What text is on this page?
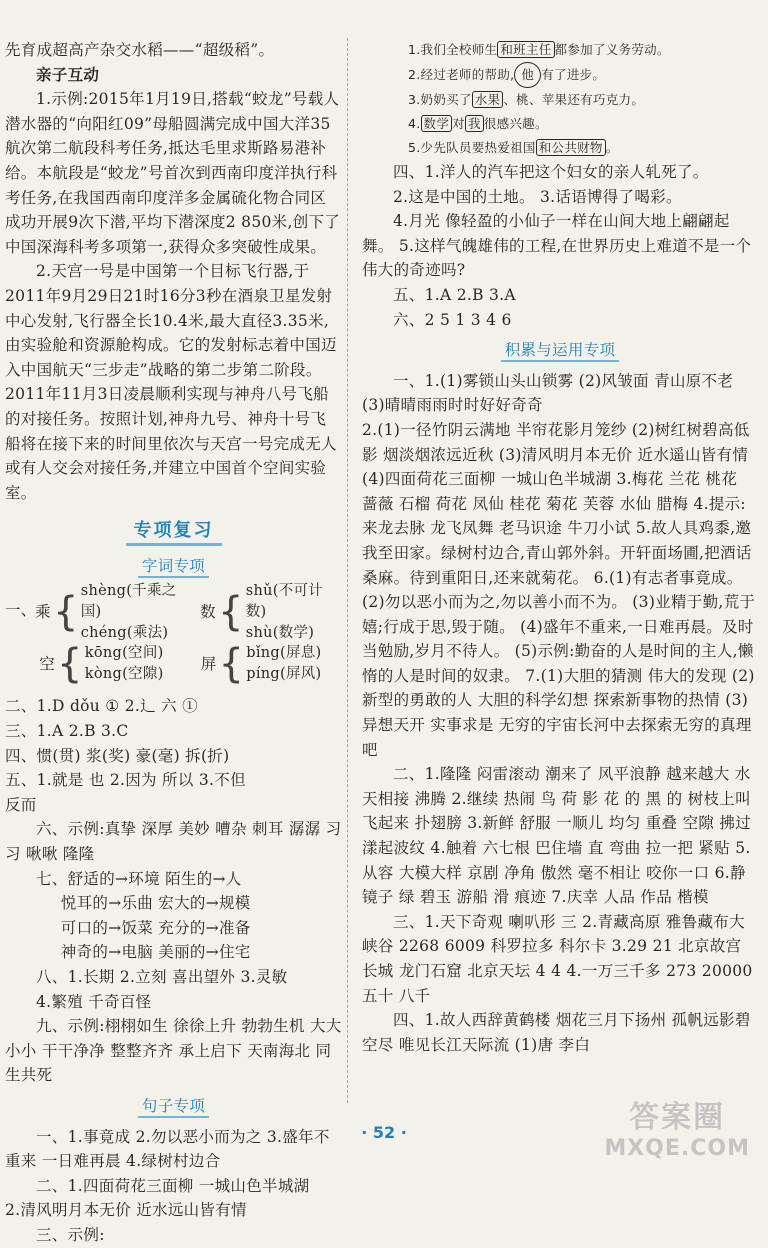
先育成超高产杂交水稻——“超级稻”。

亲子互动

1.示例:2015年1月19日,搭载“蛟龙”号载人潜水器的“向阳红09”母船圆满完成中国大洋35航次第二航段科考任务,抵达毛里求斯路易港补给。本航段是“蛟龙”号首次到西南印度洋执行科考任务,在我国西南印度洋多金属硫化物合同区成功开展9次下潜,平均下潜深度2 850米,创下了中国深海科考多项第一,获得众多突破性成果。

2.天宫一号是中国第一个目标飞行器,于2011年9月29日21时16分3秒在酒泉卫星发射中心发射,飞行器全长10.4米,最大直径3.35米,由实验舱和资源舱构成。它的发射标志着中国迈入中国航天“三步走”战略的第二步第二阶段。2011年11月3日凌晨顺利实现与神舟八号飞船的对接任务。按照计划,神舟九号、神舟十号飞船将在接下来的时间里依次与天宫一号完成无人或有人交会对接任务,并建立中国首个空间实验室。

专项复习
字词专项
一、
乘 { shèng(千乘之国)
chéng(乘法)
数 { shǔ(不可计数)
shù(数学)
空 { kōng(空间)
kòng(空隙)
屏 { bǐng(屏息)
píng(屏风)

二、1.D dǒu ① 2.辶 六 ①

三、1.A 2.B 3.C

四、惯(贯) 浆(奖) 豪(毫) 拆(折)

五、1.就是 也 2.因为 所以 3.不但

反而

六、示例:真挚 深厚 美妙 嘈杂 刺耳 潺潺 习习 啾啾 隆隆

七、舒适的→环境 陌生的→人

悦耳的→乐曲 宏大的→规模

可口的→饭菜 充分的→准备

神奇的→电脑 美丽的→住宅

八、1.长期 2.立刻 喜出望外 3.灵敏

4.繁殖 千奇百怪

九、示例:栩栩如生 徐徐上升 勃勃生机 大大小小 干干净净 整整齐齐 承上启下 天南海北 同生共死

句子专项

一、1.事竟成 2.勿以恶小而为之 3.盛年不重来 一日难再晨 4.绿树村边合

二、1.四面荷花三面柳 一城山色半城湖

2.清风明月本无价 近水远山皆有情

三、示例:

1.我们全校师生 和班主任 都参加了义务劳动。
2.经过老师的帮助, 他 有了进步。
3.奶奶买了 水果 、桃、苹果还有巧克力。
4. 数学 对 我 很感兴趣。
5.少先队员要热爱祖国 和公共财物 。

四、1.洋人的汽车把这个妇女的亲人轧死了。

2.这是中国的土地。 3.话语博得了喝彩。

4.月光 像轻盈的小仙子一样在山间大地上翩翩起舞。 5.这样气魄雄伟的工程,在世界历史上难道不是一个伟大的奇迹吗?

五、1.A 2.B 3.A

六、2 5 1 3 4 6

积累与运用专项

一、1.(1)雾锁山头山锁雾 (2)风皱面 青山原不老 (3)晴晴雨雨时时好好奇奇

2.(1)一径竹阴云满地 半帘花影月笼纱 (2)树红树碧高低影 烟淡烟浓远近秋 (3)清风明月本无价 近水遥山皆有情 (4)四面荷花三面柳 一城山色半城湖 3.梅花 兰花 桃花 蔷薇 石榴 荷花 凤仙 桂花 菊花 芙蓉 水仙 腊梅 4.提示:来龙去脉 龙飞凤舞 老马识途 牛刀小试 5.故人具鸡黍,邀我至田家。绿树村边合,青山郭外斜。开轩面场圃,把酒话桑麻。待到重阳日,还来就菊花。 6.(1)有志者事竟成。 (2)勿以恶小而为之,勿以善小而不为。 (3)业精于勤,荒于嬉;行成于思,毁于随。 (4)盛年不重来,一日难再晨。及时当勉励,岁月不待人。 (5)示例:勤奋的人是时间的主人,懒惰的人是时间的奴隶。 7.(1)大胆的猜测 伟大的发现 (2)新型的勇敢的人 大胆的科学幻想 探索新事物的热情 (3)异想天开 实事求是 无穷的宇宙长河中去探索无穷的真理吧

二、1.隆隆 闷雷滚动 潮来了 风平浪静 越来越大 水天相接 沸腾 2.继续 热闹 鸟 荷 影 花 的 黑 的 树枝上叫 飞起来 扑翅膀 3.新鲜 舒服 一顺儿 均匀 重叠 空隙 拂过 漾起波纹 4.触着 六七根 巴住墙 直 弯曲 拉一把 紧贴 5.从容 大模大样 京剧 净角 傲然 毫不相让 咬你一口 6.静 镜子 绿 碧玉 游船 滑 痕迹 7.庆幸 人品 作品 楷模

三、1.天下奇观 喇叭形 三 2.青藏高原 雅鲁藏布大峡谷 2268 6009 科罗拉多 科尔卡 3.29 21 北京故宫 长城 龙门石窟 北京天坛 4 4 4.一万三千多 273 20000 五十 八千

四、1.故人西辞黄鹤楼 烟花三月下扬州 孤帆远影碧空尽 唯见长江天际流 (1)唐 李白

· 52 ·	答案圈
MXQE.COM
